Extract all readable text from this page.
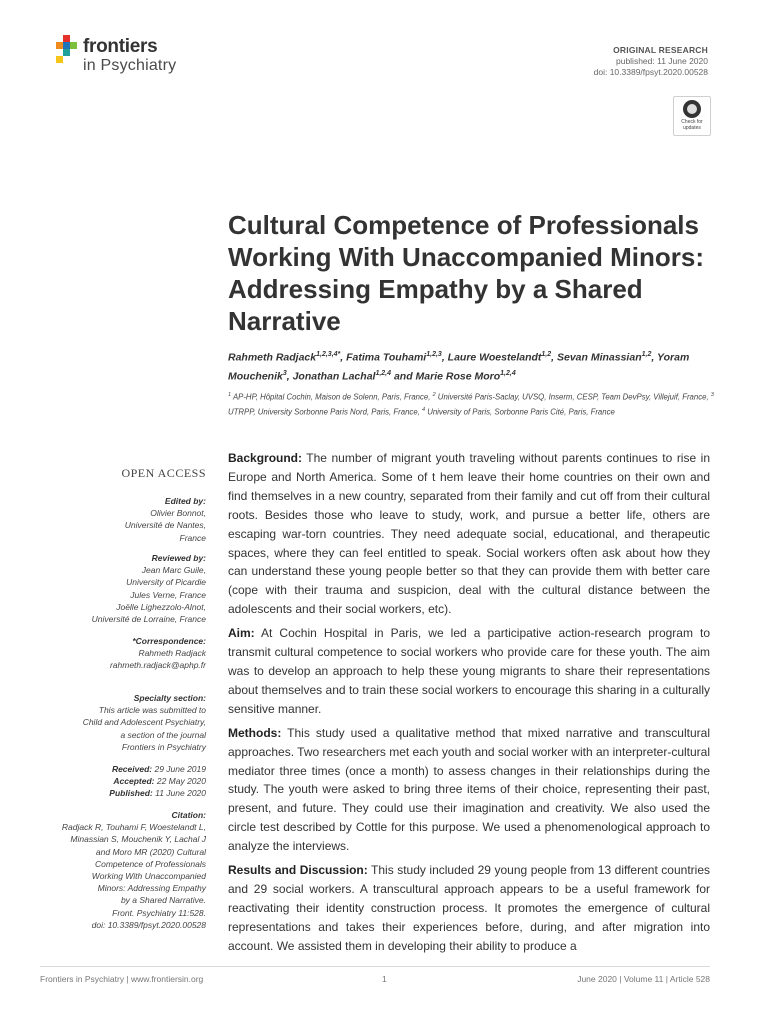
frontiers
in Psychiatry
ORIGINAL RESEARCH
published: 11 June 2020
doi: 10.3389/fpsyt.2020.00528
Check for
updates
Cultural Competence of Professionals Working With Unaccompanied Minors: Addressing Empathy by a Shared Narrative
Rahmeth Radjack$^{1,2,3,4*}$, Fatima Touhami$^{1,2,3}$, Laure Woestelandt$^{1,2}$, Sevan Minassian$^{1,2}$, Yoram Mouchenik$^3$, Jonathan Lachal$^{1,2,4}$ and Marie Rose Moro$^{1,2,4}$
$^1$ AP-HP, Hôpital Cochin, Maison de Solenn, Paris, France, $^2$ Université Paris-Saclay, UVSQ, Inserm, CESP, Team DevPsy, Villejuif, France, $^3$ UTRPP, University Sorbonne Paris Nord, Paris, France, $^4$ University of Paris, Sorbonne Paris Cité, Paris, France
OPEN ACCESS
Edited by:
Olivier Bonnot,
Université de Nantes,
France
Reviewed by:
Jean Marc Guile,
University of Picardie
Jules Verne, France
Joëlle Lighezzolo-Alnot,
Université de Lorraine, France
*Correspondence:
Rahmeth Radjack
rahmeth.radjack@aphp.fr
Specialty section:
This article was submitted to
Child and Adolescent Psychiatry,
a section of the journal
Frontiers in Psychiatry
Received: 29 June 2019
Accepted: 22 May 2020
Published: 11 June 2020
Citation:
Radjack R, Touhami F, Woestelandt L,
Minassian S, Mouchenik Y, Lachal J
and Moro MR (2020) Cultural
Competence of Professionals
Working With Unaccompanied
Minors: Addressing Empathy
by a Shared Narrative.
Front. Psychiatry 11:528.
doi: 10.3389/fpsyt.2020.00528

Background: The number of migrant youth traveling without parents continues to rise in Europe and North America. Some of t hem leave their home countries on their own and find themselves in a new country, separated from their family and cut off from their cultural roots. Besides those who leave to study, work, and pursue a better life, others are escaping war-torn countries. They need adequate social, educational, and therapeutic spaces, where they can feel entitled to speak. Social workers often ask about how they can understand these young people better so that they can provide them with better care (cope with their trauma and suspicion, deal with the cultural distance between the adolescents and their social workers, etc).

Aim: At Cochin Hospital in Paris, we led a participative action-research program to transmit cultural competence to social workers who provide care for these youth. The aim was to develop an approach to help these young migrants to share their representations about themselves and to train these social workers to encourage this sharing in a culturally sensitive manner.

Methods: This study used a qualitative method that mixed narrative and transcultural approaches. Two researchers met each youth and social worker with an interpreter-cultural mediator three times (once a month) to assess changes in their relationships during the study. The youth were asked to bring three items of their choice, representing their past, present, and future. They could use their imagination and creativity. We also used the circle test described by Cottle for this purpose. We used a phenomenological approach to analyze the interviews.

Results and Discussion: This study included 29 young people from 13 different countries and 29 social workers. A transcultural approach appears to be a useful framework for reactivating their identity construction process. It promotes the emergence of cultural representations and takes their experiences before, during, and after migration into account. We assisted them in developing their ability to produce a

Frontiers in Psychiatry | www.frontiersin.org	1	June 2020 | Volume 11 | Article 528
